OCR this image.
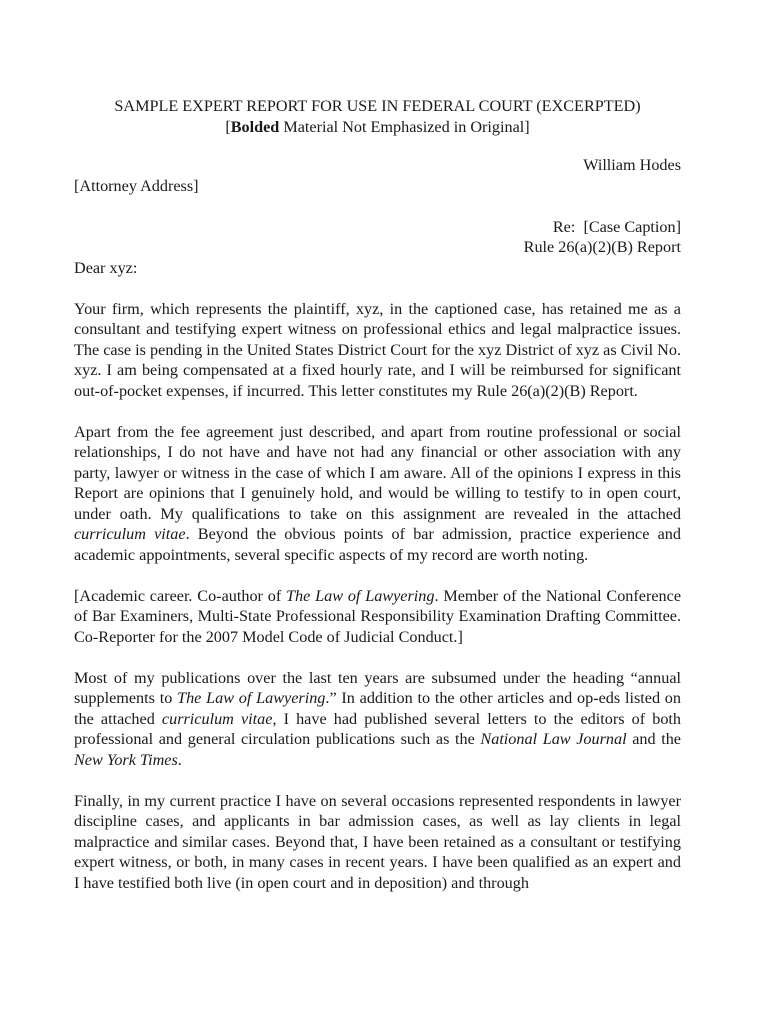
SAMPLE EXPERT REPORT FOR USE IN FEDERAL COURT (EXCERPTED)

[Bolded Material Not Emphasized in Original]

William Hodes

[Attorney Address]

Re:  [Case Caption]

Rule 26(a)(2)(B) Report

Dear xyz:

Your firm, which represents the plaintiff, xyz, in the captioned case, has retained me as a consultant and testifying expert witness on professional ethics and legal malpractice issues. The case is pending in the United States District Court for the xyz District of xyz as Civil No. xyz. I am being compensated at a fixed hourly rate, and I will be reimbursed for significant out-of-pocket expenses, if incurred. This letter constitutes my Rule 26(a)(2)(B) Report.

Apart from the fee agreement just described, and apart from routine professional or social relationships, I do not have and have not had any financial or other association with any party, lawyer or witness in the case of which I am aware. All of the opinions I express in this Report are opinions that I genuinely hold, and would be willing to testify to in open court, under oath. My qualifications to take on this assignment are revealed in the attached curriculum vitae. Beyond the obvious points of bar admission, practice experience and academic appointments, several specific aspects of my record are worth noting.

[Academic career. Co-author of The Law of Lawyering. Member of the National Conference of Bar Examiners, Multi-State Professional Responsibility Examination Drafting Committee. Co-Reporter for the 2007 Model Code of Judicial Conduct.]

Most of my publications over the last ten years are subsumed under the heading “annual supplements to The Law of Lawyering.” In addition to the other articles and op-eds listed on the attached curriculum vitae, I have had published several letters to the editors of both professional and general circulation publications such as the National Law Journal and the New York Times.

Finally, in my current practice I have on several occasions represented respondents in lawyer discipline cases, and applicants in bar admission cases, as well as lay clients in legal malpractice and similar cases. Beyond that, I have been retained as a consultant or testifying expert witness, or both, in many cases in recent years. I have been qualified as an expert and I have testified both live (in open court and in deposition) and through
